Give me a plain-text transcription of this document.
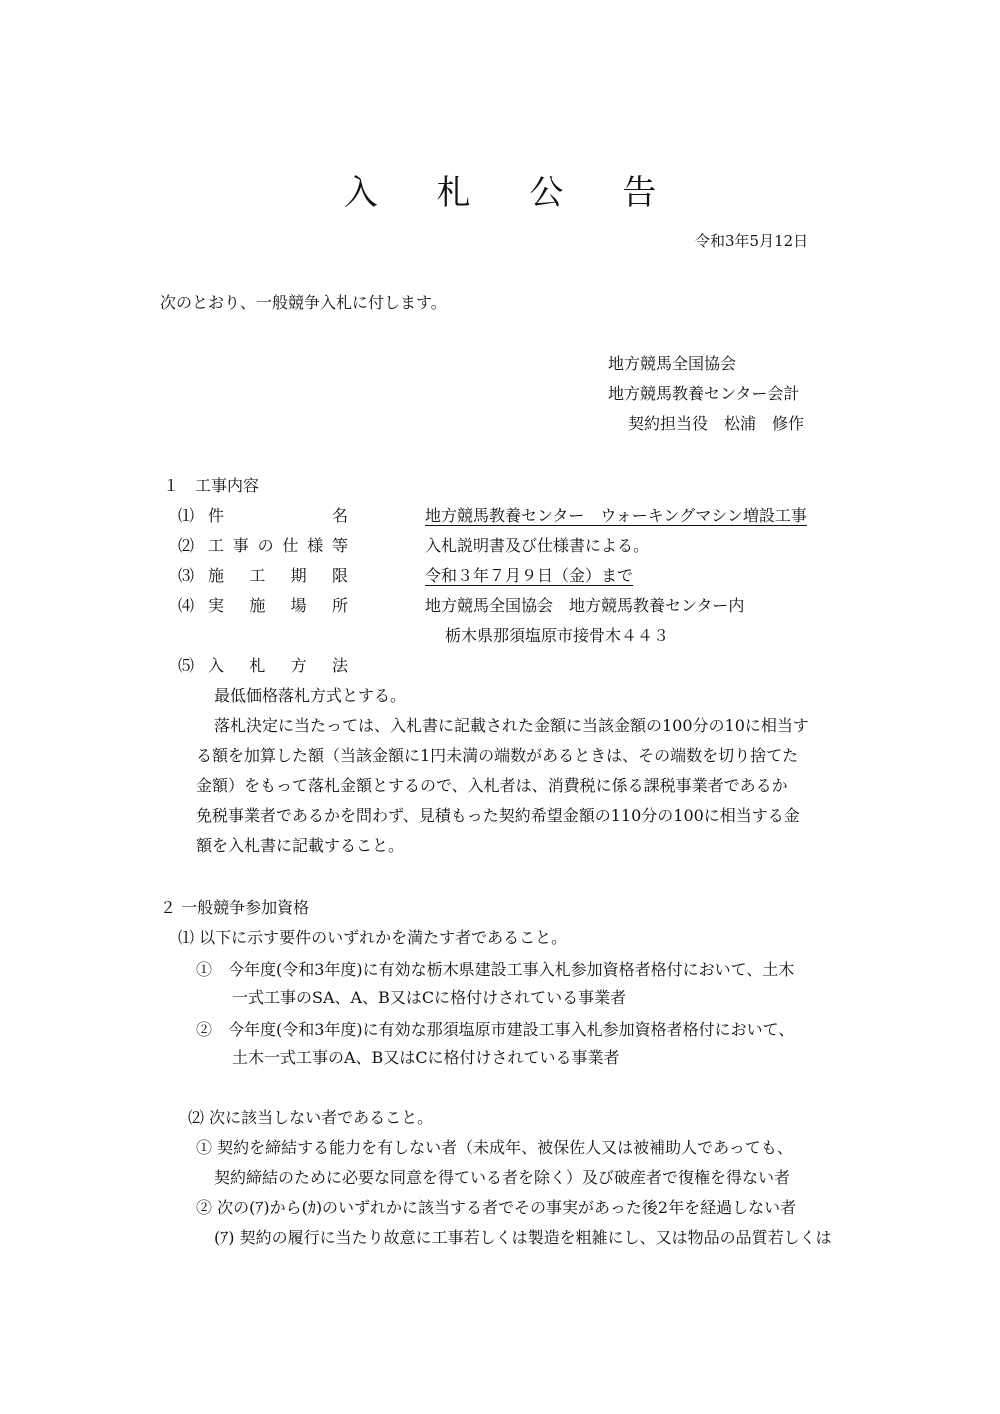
入 札 公 告
令和3年5月12日
次のとおり、一般競争入札に付します。
地方競馬全国協会
地方競馬教養センター会計
契約担当役　松浦　修作
１　工事内容
⑴ 件　　　　名	地方競馬教養センター　ウォーキングマシン増設工事
⑵ 工事の仕様等	入札説明書及び仕様書による。
⑶ 施　工　期　限	令和３年７月９日（金）まで
⑷ 実　施　場　所	地方競馬全国協会　地方競馬教養センター内
栃木県那須塩原市接骨木４４３
⑸ 入　札　方　法
最低価格落札方式とする。
落札決定に当たっては、入札書に記載された金額に当該金額の100分の10に相当す
る額を加算した額（当該金額に1円未満の端数があるときは、その端数を切り捨てた
金額）をもって落札金額とするので、入札者は、消費税に係る課税事業者であるか
免税事業者であるかを問わず、見積もった契約希望金額の110分の100に相当する金
額を入札書に記載すること。
２ 一般競争参加資格
⑴ 以下に示す要件のいずれかを満たす者であること。
①　今年度(令和3年度)に有効な栃木県建設工事入札参加資格者格付において、土木
一式工事のSA、A、B又はCに格付けされている事業者
②　今年度(令和3年度)に有効な那須塩原市建設工事入札参加資格者格付において、
土木一式工事のA、B又はCに格付けされている事業者
⑵ 次に該当しない者であること。
① 契約を締結する能力を有しない者（未成年、被保佐人又は被補助人であっても、
契約締結のために必要な同意を得ている者を除く）及び破産者で復権を得ない者
② 次の(ｱ)から(ｶ)のいずれかに該当する者でその事実があった後2年を経過しない者
(ｱ) 契約の履行に当たり故意に工事若しくは製造を粗雑にし、又は物品の品質若しくは
